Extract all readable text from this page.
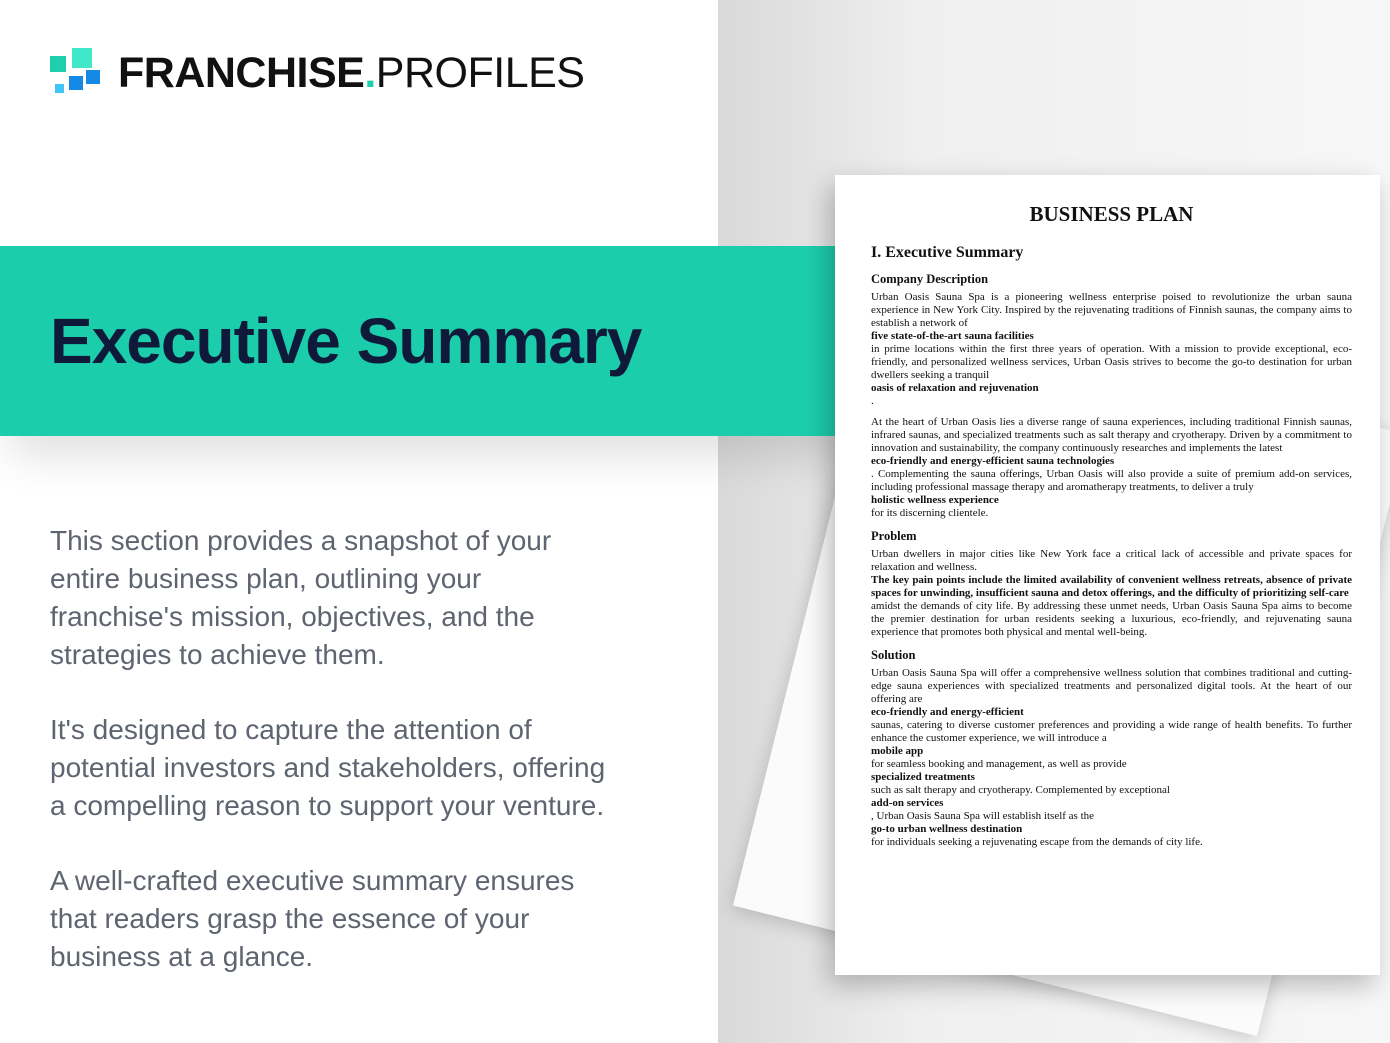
FRANCHISE.PROFILES
Executive Summary

This section provides a snapshot of your entire business plan, outlining your franchise's mission, objectives, and the strategies to achieve them.

It's designed to capture the attention of potential investors and stakeholders, offering a compelling reason to support your venture.

A well-crafted executive summary ensures that readers grasp the essence of your business at a glance.

BUSINESS PLAN
I. Executive Summary
Company Description
Urban Oasis Sauna Spa is a pioneering wellness enterprise poised to revolutionize the urban sauna experience in New York City. Inspired by the rejuvenating traditions of Finnish saunas, the company aims to establish a network of
five state-of-the-art sauna facilities
in prime locations within the first three years of operation. With a mission to provide exceptional, eco-friendly, and personalized wellness services, Urban Oasis strives to become the go-to destination for urban dwellers seeking a tranquil
oasis of relaxation and rejuvenation
.
At the heart of Urban Oasis lies a diverse range of sauna experiences, including traditional Finnish saunas, infrared saunas, and specialized treatments such as salt therapy and cryotherapy. Driven by a commitment to innovation and sustainability, the company continuously researches and implements the latest
eco-friendly and energy-efficient sauna technologies
. Complementing the sauna offerings, Urban Oasis will also provide a suite of premium add-on services, including professional massage therapy and aromatherapy treatments, to deliver a truly
holistic wellness experience
for its discerning clientele.
Problem
Urban dwellers in major cities like New York face a critical lack of accessible and private spaces for relaxation and wellness.
The key pain points include the limited availability of convenient wellness retreats, absence of private spaces for unwinding, insufficient sauna and detox offerings, and the difficulty of prioritizing self-care
amidst the demands of city life. By addressing these unmet needs, Urban Oasis Sauna Spa aims to become the premier destination for urban residents seeking a luxurious, eco-friendly, and rejuvenating sauna experience that promotes both physical and mental well-being.
Solution
Urban Oasis Sauna Spa will offer a comprehensive wellness solution that combines traditional and cutting-edge sauna experiences with specialized treatments and personalized digital tools. At the heart of our offering are
eco-friendly and energy-efficient
saunas, catering to diverse customer preferences and providing a wide range of health benefits. To further enhance the customer experience, we will introduce a
mobile app
for seamless booking and management, as well as provide
specialized treatments
such as salt therapy and cryotherapy. Complemented by exceptional
add-on services
, Urban Oasis Sauna Spa will establish itself as the
go-to urban wellness destination
for individuals seeking a rejuvenating escape from the demands of city life.
